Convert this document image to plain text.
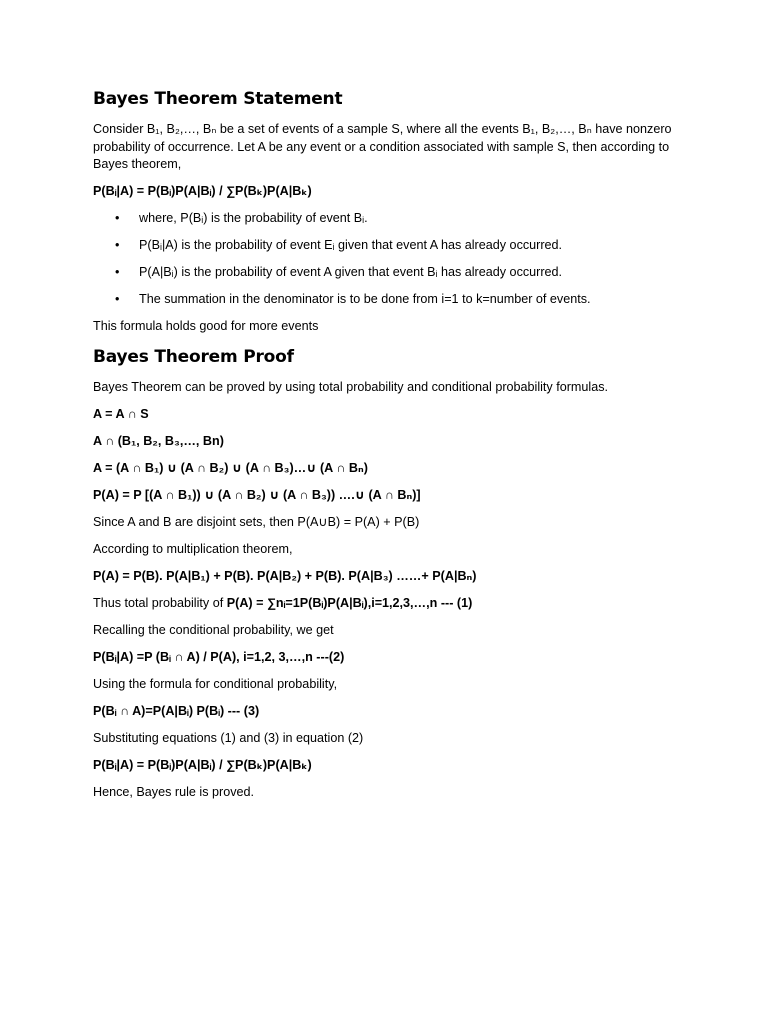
Bayes Theorem Statement

Consider B₁, B₂,…, Bₙ be a set of events of a sample S, where all the events B₁, B₂,…, Bₙ have nonzero probability of occurrence. Let A be any event or a condition associated with sample S, then according to Bayes theorem,

P(Bᵢ|A) = P(Bᵢ)P(A|Bᵢ) / ∑P(Bₖ)P(A|Bₖ)

• where, P(Bᵢ) is the probability of event Bᵢ.
• P(Bᵢ|A) is the probability of event Eᵢ given that event A has already occurred.
• P(A|Bᵢ) is the probability of event A given that event Bᵢ has already occurred.
• The summation in the denominator is to be done from i=1 to k=number of events.

This formula holds good for more events

Bayes Theorem Proof

Bayes Theorem can be proved by using total probability and conditional probability formulas.

A = A ∩ S

A ∩ (B₁, B₂, B₃,…, Bn)

A = (A ∩ B₁) ∪ (A ∩ B₂) ∪ (A ∩ B₃)…∪ (A ∩ Bₙ)

P(A) = P [(A ∩ B₁)) ∪ (A ∩ B₂) ∪ (A ∩ B₃)) ….∪ (A ∩ Bₙ)]

Since A and B are disjoint sets, then P(A∪B) = P(A) + P(B)

According to multiplication theorem,

P(A) = P(B). P(A|B₁) + P(B). P(A|B₂) + P(B). P(A|B₃) ……+ P(A|Bₙ)

Thus total probability of P(A) = ∑nᵢ=1P(Bᵢ)P(A|Bᵢ),i=1,2,3,…,n --- (1)

Recalling the conditional probability, we get

P(Bᵢ|A) =P (Bᵢ ∩ A) / P(A), i=1,2, 3,…,n ---(2)

Using the formula for conditional probability,

P(Bᵢ ∩ A)=P(A|Bᵢ) P(Bᵢ) --- (3)

Substituting equations (1) and (3) in equation (2)

P(Bᵢ|A) = P(Bᵢ)P(A|Bᵢ) / ∑P(Bₖ)P(A|Bₖ)

Hence, Bayes rule is proved.
